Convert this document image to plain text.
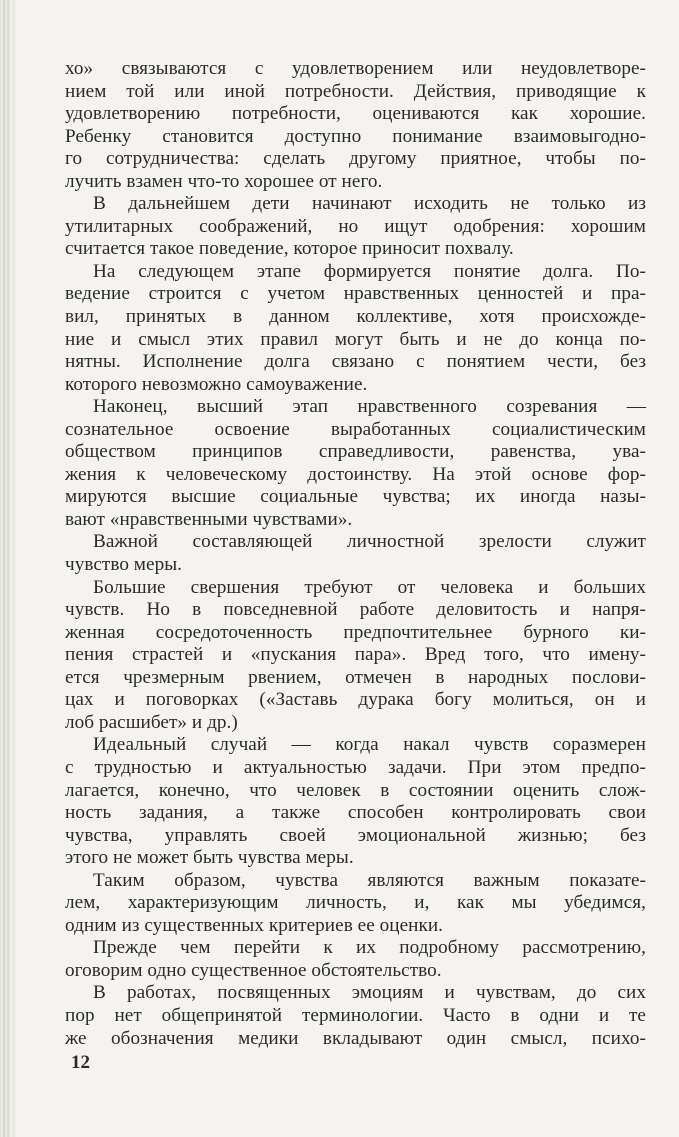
хо» связываются с удовлетворением или неудовлетворе-
нием той или иной потребности. Действия, приводящие к
удовлетворению потребности, оцениваются как хорошие.
Ребенку становится доступно понимание взаимовыгодно-
го сотрудничества: сделать другому приятное, чтобы по-
лучить взамен что-то хорошее от него.
В дальнейшем дети начинают исходить не только из
утилитарных соображений, но ищут одобрения: хорошим
считается такое поведение, которое приносит похвалу.
На следующем этапе формируется понятие долга. По-
ведение строится с учетом нравственных ценностей и пра-
вил, принятых в данном коллективе, хотя происхожде-
ние и смысл этих правил могут быть и не до конца по-
нятны. Исполнение долга связано с понятием чести, без
которого невозможно самоуважение.
Наконец, высший этап нравственного созревания —
сознательное освоение выработанных социалистическим
обществом принципов справедливости, равенства, ува-
жения к человеческому достоинству. На этой основе фор-
мируются высшие социальные чувства; их иногда назы-
вают «нравственными чувствами».
Важной составляющей личностной зрелости служит
чувство меры.
Большие свершения требуют от человека и больших
чувств. Но в повседневной работе деловитость и напря-
женная сосредоточенность предпочтительнее бурного ки-
пения страстей и «пускания пара». Вред того, что имену-
ется чрезмерным рвением, отмечен в народных послови-
цах и поговорках («Заставь дурака богу молиться, он и
лоб расшибет» и др.)
Идеальный случай — когда накал чувств соразмерен
с трудностью и актуальностью задачи. При этом предпо-
лагается, конечно, что человек в состоянии оценить слож-
ность задания, а также способен контролировать свои
чувства, управлять своей эмоциональной жизнью; без
этого не может быть чувства меры.
Таким образом, чувства являются важным показате-
лем, характеризующим личность, и, как мы убедимся,
одним из существенных критериев ее оценки.
Прежде чем перейти к их подробному рассмотрению,
оговорим одно существенное обстоятельство.
В работах, посвященных эмоциям и чувствам, до сих
пор нет общепринятой терминологии. Часто в одни и те
же обозначения медики вкладывают один смысл, психо-
12
